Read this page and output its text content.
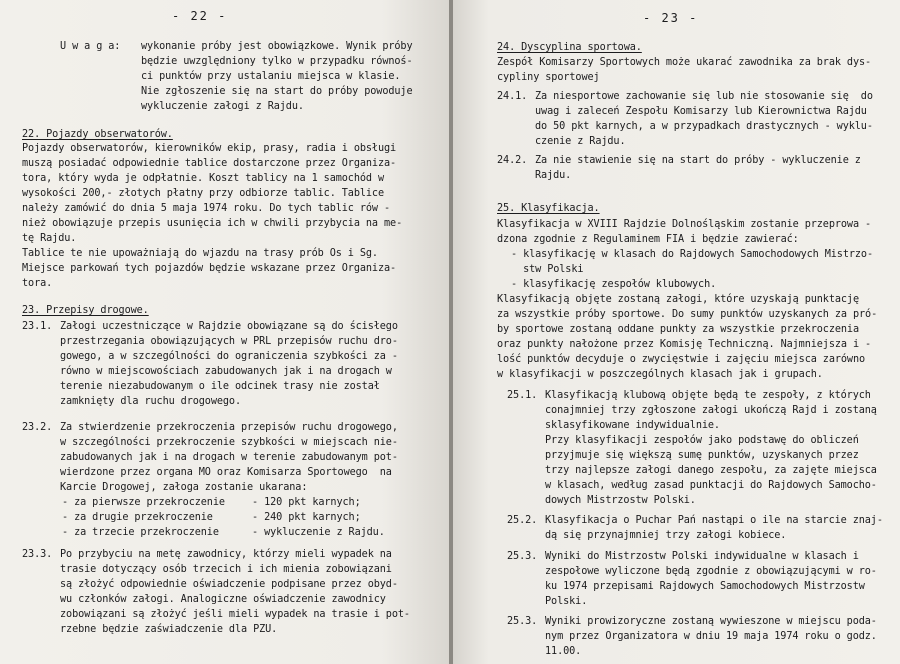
- 22 -
U w a g a: wykonanie próby jest obowiązkowe. Wynik próby
będzie uwzględniony tylko w przypadku równoś-
ci punktów przy ustalaniu miejsca w klasie.
Nie zgłoszenie się na start do próby powoduje
wykluczenie załogi z Rajdu.
22. Pojazdy obserwatorów.
Pojazdy obserwatorów, kierowników ekip, prasy, radia i obsługi
muszą posiadać odpowiednie tablice dostarczone przez Organiza-
tora, który wyda je odpłatnie. Koszt tablicy na 1 samochód w
wysokości 200,- złotych płatny przy odbiorze tablic. Tablice
należy zamówić do dnia 5 maja 1974 roku. Do tych tablic rów -
nież obowiązuje przepis usunięcia ich w chwili przybycia na me-
tę Rajdu.
Tablice te nie upoważniają do wjazdu na trasy prób Os i Sg.
Miejsce parkowań tych pojazdów będzie wskazane przez Organiza-
tora.
23. Przepisy drogowe.
23.1. Załogi uczestniczące w Rajdzie obowiązane są do ścisłego
przestrzegania obowiązujących w PRL przepisów ruchu dro-
gowego, a w szczególności do ograniczenia szybkości za -
równo w miejscowościach zabudowanych jak i na drogach w
terenie niezabudowanym o ile odcinek trasy nie został
zamknięty dla ruchu drogowego.
23.2. Za stwierdzenie przekroczenia przepisów ruchu drogowego,
w szczególności przekroczenie szybkości w miejscach nie-
zabudowanych jak i na drogach w terenie zabudowanym pot-
wierdzone przez organa MO oraz Komisarza Sportowego  na
Karcie Drogowej, załoga zostanie ukarana:
- za pierwsze przekroczenie	- 120 pkt karnych;
- za drugie przekroczenie	- 240 pkt karnych;
- za trzecie przekroczenie	- wykluczenie z Rajdu.
23.3. Po przybyciu na metę zawodnicy, którzy mieli wypadek na
trasie dotyczący osób trzecich i ich mienia zobowiązani
są złożyć odpowiednie oświadczenie podpisane przez obyd-
wu członków załogi. Analogiczne oświadczenie zawodnicy
zobowiązani są złożyć jeśli mieli wypadek na trasie i pot-
rzebne będzie zaświadczenie dla PZU.
- 23 -
24. Dyscyplina sportowa.
Zespół Komisarzy Sportowych może ukarać zawodnika za brak dys-
cypliny sportowej
24.1. Za niesportowe zachowanie się lub nie stosowanie się  do
uwag i zaleceń Zespołu Komisarzy lub Kierownictwa Rajdu
do 50 pkt karnych, a w przypadkach drastycznych - wyklu-
czenie z Rajdu.
24.2. Za nie stawienie się na start do próby - wykluczenie z
Rajdu.
25. Klasyfikacja.
Klasyfikacja w XVIII Rajdzie Dolnośląskim zostanie przeprowa -
dzona zgodnie z Regulaminem FIA i będzie zawierać:
- klasyfikację w klasach do Rajdowych Samochodowych Mistrzo-
stw Polski
- klasyfikację zespołów klubowych.
Klasyfikacją objęte zostaną załogi, które uzyskają punktację
za wszystkie próby sportowe. Do sumy punktów uzyskanych za pró-
by sportowe zostaną oddane punkty za wszystkie przekroczenia
oraz punkty nałożone przez Komisję Techniczną. Najmniejsza i -
lość punktów decyduje o zwycięstwie i zajęciu miejsca zarówno
w klasyfikacji w poszczególnych klasach jak i grupach.
25.1. Klasyfikacją klubową objęte będą te zespoły, z których
conajmniej trzy zgłoszone załogi ukończą Rajd i zostaną
sklasyfikowane indywidualnie.
Przy klasyfikacji zespołów jako podstawę do obliczeń
przyjmuje się większą sumę punktów, uzyskanych przez
trzy najlepsze załogi danego zespołu, za zajęte miejsca
w klasach, według zasad punktacji do Rajdowych Samocho-
dowych Mistrzostw Polski.
25.2. Klasyfikacja o Puchar Pań nastąpi o ile na starcie znaj-
dą się przynajmniej trzy załogi kobiece.
25.3. Wyniki do Mistrzostw Polski indywidualne w klasach i
zespołowe wyliczone będą zgodnie z obowiązującymi w ro-
ku 1974 przepisami Rajdowych Samochodowych Mistrzostw
Polski.
25.3. Wyniki prowizoryczne zostaną wywieszone w miejscu poda-
nym przez Organizatora w dniu 19 maja 1974 roku o godz.
11.00.
